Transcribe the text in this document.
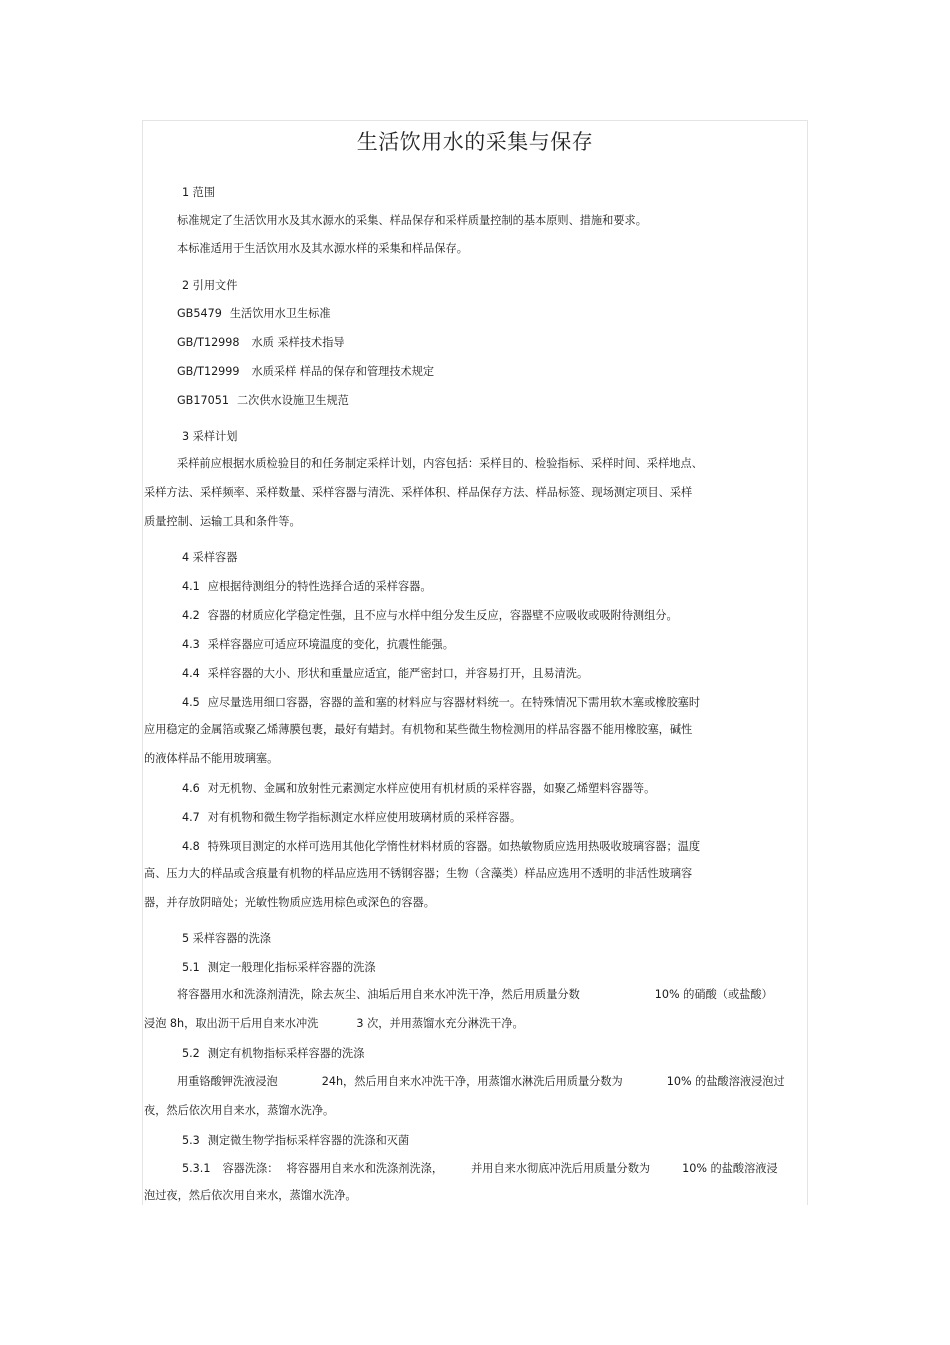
生活饮用水的采集与保存
1 范围
标准规定了生活饮用水及其水源水的采集、样品保存和采样质量控制的基本原则、措施和要求。
本标准适用于生活饮用水及其水源水样的采集和样品保存。
2 引用文件
GB5479 生活饮用水卫生标准
GB/T12998 水质 采样技术指导
GB/T12999 水质采样 样品的保存和管理技术规定
GB17051 二次供水设施卫生规范
3 采样计划
采样前应根据水质检验目的和任务制定采样计划，内容包括：采样目的、检验指标、采样时间、采样地点、
采样方法、采样频率、采样数量、采样容器与清洗、采样体积、样品保存方法、样品标签、现场测定项目、采样
质量控制、运输工具和条件等。
4 采样容器
4.1 应根据待测组分的特性选择合适的采样容器。
4.2 容器的材质应化学稳定性强，且不应与水样中组分发生反应，容器壁不应吸收或吸附待测组分。
4.3 采样容器应可适应环境温度的变化，抗震性能强。
4.4 采样容器的大小、形状和重量应适宜，能严密封口，并容易打开，且易清洗。
4.5 应尽量选用细口容器，容器的盖和塞的材料应与容器材料统一。在特殊情况下需用软木塞或橡胶塞时
应用稳定的金属箔或聚乙烯薄膜包裹，最好有蜡封。有机物和某些微生物检测用的样品容器不能用橡胶塞，碱性
的液体样品不能用玻璃塞。
4.6 对无机物、金属和放射性元素测定水样应使用有机材质的采样容器，如聚乙烯塑料容器等。
4.7 对有机物和微生物学指标测定水样应使用玻璃材质的采样容器。
4.8 特殊项目测定的水样可选用其他化学惰性材料材质的容器。如热敏物质应选用热吸收玻璃容器；温度
高、压力大的样品或含痕量有机物的样品应选用不锈钢容器；生物（含藻类）样品应选用不透明的非活性玻璃容
器，并存放阴暗处；光敏性物质应选用棕色或深色的容器。
5 采样容器的洗涤
5.1 测定一般理化指标采样容器的洗涤
将容器用水和洗涤剂清洗，除去灰尘、油垢后用自来水冲洗干净，然后用质量分数	10% 的硝酸（或盐酸）
浸泡 8h，取出沥干后用自来水冲洗	3 次，并用蒸馏水充分淋洗干净。
5.2 测定有机物指标采样容器的洗涤
用重铬酸钾洗液浸泡	24h，然后用自来水冲洗干净，用蒸馏水淋洗后用质量分数为	10% 的盐酸溶液浸泡过
夜，然后依次用自来水，蒸馏水洗净。
5.3 测定微生物学指标采样容器的洗涤和灭菌
5.3.1 容器洗涤： 将容器用自来水和洗涤剂洗涤，	并用自来水彻底冲洗后用质量分数为	10% 的盐酸溶液浸
泡过夜，然后依次用自来水，蒸馏水洗净。
